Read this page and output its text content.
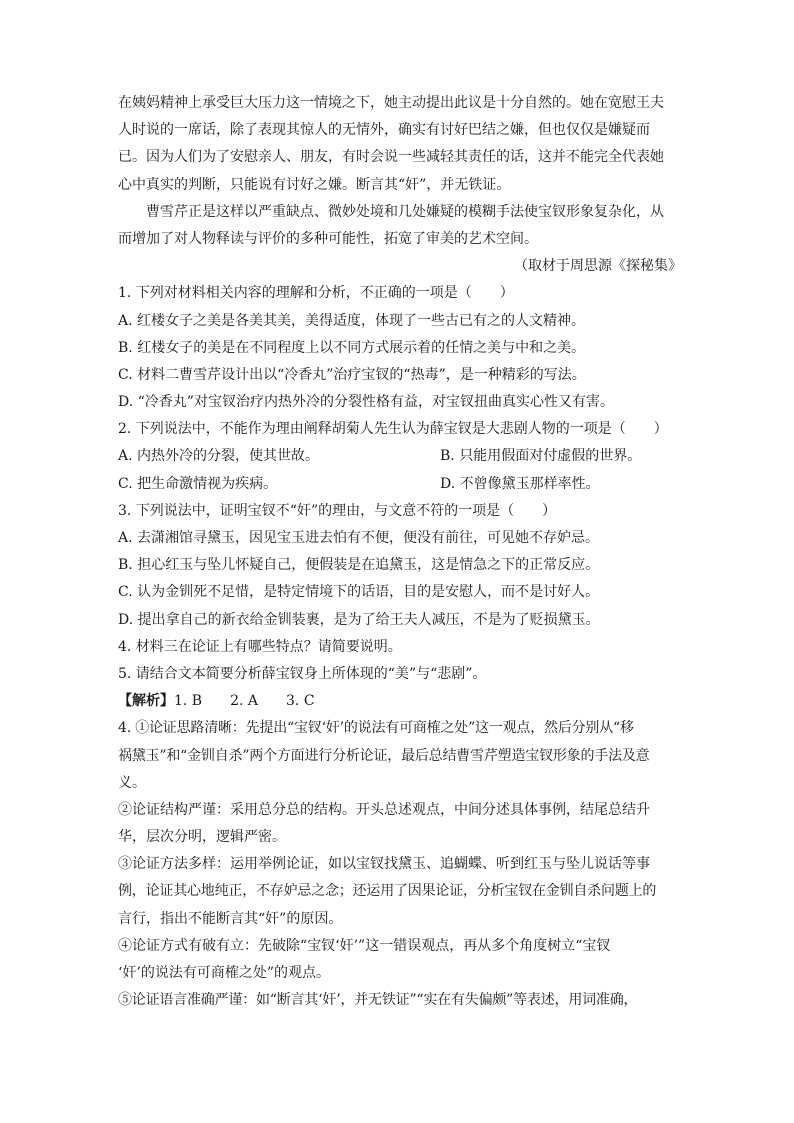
在姨妈精神上承受巨大压力这一情境之下，她主动提出此议是十分自然的。她在宽慰王夫
人时说的一席话，除了表现其惊人的无情外，确实有讨好巴结之嫌，但也仅仅是嫌疑而
已。因为人们为了安慰亲人、朋友，有时会说一些减轻其责任的话，这并不能完全代表她
心中真实的判断，只能说有讨好之嫌。断言其“奸”，并无铁证。
曹雪芹正是这样以严重缺点、微妙处境和几处嫌疑的模糊手法使宝钗形象复杂化，从
而增加了对人物释读与评价的多种可能性，拓宽了审美的艺术空间。
（取材于周思源《探秘集》
1. 下列对材料相关内容的理解和分析，不正确的一项是（　　）
A. 红楼女子之美是各美其美，美得适度，体现了一些古已有之的人文精神。
B. 红楼女子的美是在不同程度上以不同方式展示着的任情之美与中和之美。
C. 材料二曹雪芹设计出以“冷香丸”治疗宝钗的“热毒”，是一种精彩的写法。
D. “冷香丸”对宝钗治疗内热外冷的分裂性格有益，对宝钗扭曲真实心性又有害。
2. 下列说法中，不能作为理由阐释胡菊人先生认为薛宝钗是大悲剧人物的一项是（　　）
A. 内热外冷的分裂，使其世故。	B. 只能用假面对付虚假的世界。
C. 把生命激情视为疾病。	D. 不曾像黛玉那样率性。
3. 下列说法中，证明宝钗不“奸”的理由，与文意不符的一项是（　　）
A. 去潇湘馆寻黛玉，因见宝玉进去怕有不便，便没有前往，可见她不存妒忌。
B. 担心红玉与坠儿怀疑自己，便假装是在追黛玉，这是情急之下的正常反应。
C. 认为金钏死不足惜，是特定情境下的话语，目的是安慰人，而不是讨好人。
D. 提出拿自己的新衣给金钏装裹，是为了给王夫人减压，不是为了贬损黛玉。
4. 材料三在论证上有哪些特点？请简要说明。
5. 请结合文本简要分析薛宝钗身上所体现的“美”与“悲剧”。
【解析】1. B　　2. A　　3. C
4. ①论证思路清晰：先提出“宝钗‘奸’的说法有可商榷之处”这一观点，然后分别从“移
祸黛玉”和“金钏自杀”两个方面进行分析论证，最后总结曹雪芹塑造宝钗形象的手法及意
义。
②论证结构严谨：采用总分总的结构。开头总述观点，中间分述具体事例，结尾总结升
华，层次分明，逻辑严密。
③论证方法多样：运用举例论证，如以宝钗找黛玉、追蝴蝶、听到红玉与坠儿说话等事
例，论证其心地纯正，不存妒忌之念；还运用了因果论证，分析宝钗在金钏自杀问题上的
言行，指出不能断言其“奸”的原因。
④论证方式有破有立：先破除“宝钗‘奸’”这一错误观点，再从多个角度树立“宝钗
‘奸’的说法有可商榷之处”的观点。
⑤论证语言准确严谨：如“断言其‘奸’，并无铁证”“实在有失偏颇”等表述，用词准确，
